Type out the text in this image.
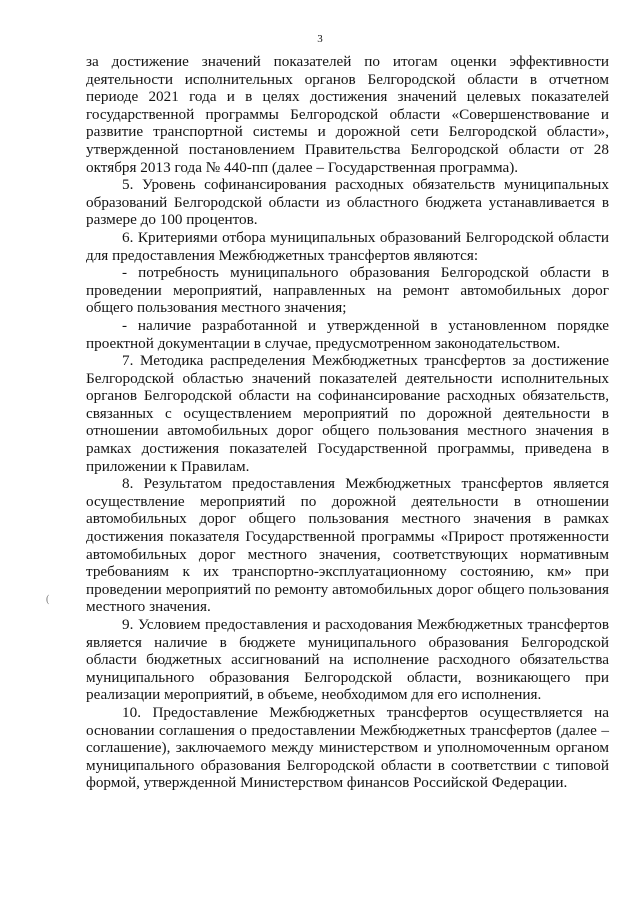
3
(

за достижение значений показателей по итогам оценки эффективности деятельности исполнительных органов Белгородской области в отчетном периоде 2021 года и в целях достижения значений целевых показателей государственной программы Белгородской области «Совершенствование и развитие транспортной системы и дорожной сети Белгородской области», утвержденной постановлением Правительства Белгородской области от 28 октября 2013 года № 440-пп (далее – Государственная программа).

5. Уровень софинансирования расходных обязательств муниципальных образований Белгородской области из областного бюджета устанавливается в размере до 100 процентов.

6. Критериями отбора муниципальных образований Белгородской области для предоставления Межбюджетных трансфертов являются:

- потребность муниципального образования Белгородской области в проведении мероприятий, направленных на ремонт автомобильных дорог общего пользования местного значения;

- наличие разработанной и утвержденной в установленном порядке проектной документации в случае, предусмотренном законодательством.

7. Методика распределения Межбюджетных трансфертов за достижение Белгородской областью значений показателей деятельности исполнительных органов Белгородской области на софинансирование расходных обязательств, связанных с осуществлением мероприятий по дорожной деятельности в отношении автомобильных дорог общего пользования местного значения в рамках достижения показателей Государственной программы, приведена в приложении к Правилам.

8. Результатом предоставления Межбюджетных трансфертов является осуществление мероприятий по дорожной деятельности в отношении автомобильных дорог общего пользования местного значения в рамках достижения показателя Государственной программы «Прирост протяженности автомобильных дорог местного значения, соответствующих нормативным требованиям к их транспортно-эксплуатационному состоянию, км» при проведении мероприятий по ремонту автомобильных дорог общего пользования местного значения.

9. Условием предоставления и расходования Межбюджетных трансфертов является наличие в бюджете муниципального образования Белгородской области бюджетных ассигнований на исполнение расходного обязательства муниципального образования Белгородской области, возникающего при реализации мероприятий, в объеме, необходимом для его исполнения.

10. Предоставление Межбюджетных трансфертов осуществляется на основании соглашения о предоставлении Межбюджетных трансфертов (далее – соглашение), заключаемого между министерством и уполномоченным органом муниципального образования Белгородской области в соответствии с типовой формой, утвержденной Министерством финансов Российской Федерации.
